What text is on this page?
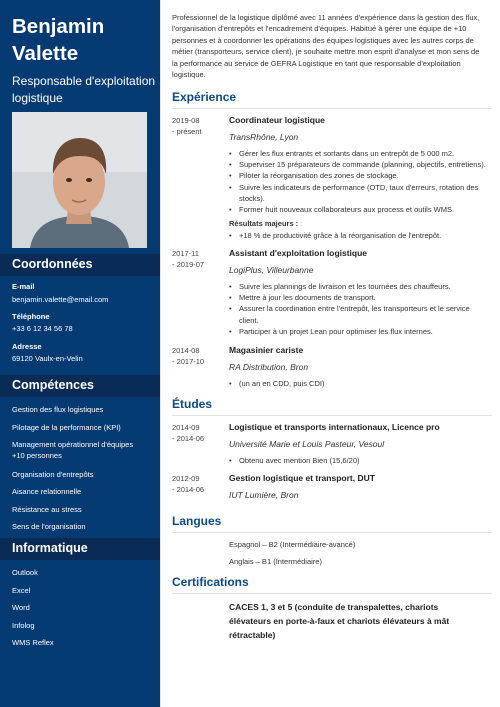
Benjamin
Valette
Responsable d'exploitation
logistique
Coordonnées
E-mail
benjamin.valette@email.com
Téléphone
+33 6 12 34 56 78
Adresse
69120 Vaulx-en-Velin
Compétences
Gestion des flux logistiques
Pilotage de la performance (KPI)
Management opérationnel d'équipes
+10 personnes
Organisation d'entrepôts
Aisance relationnelle
Résistance au stress
Sens de l'organisation
Informatique
Outlook
Excel
Word
Infolog
WMS Reflex
Professionnel de la logistique diplômé avec 11 années d'expérience dans la gestion des flux,
l'organisation d'entrepôts et l'encadrement d'équipes. Habitué à gérer une équipe de +10
personnes et à coordonner les opérations des équipes logistiques avec les autres corps de
métier (transporteurs, service client), je souhaite mettre mon esprit d'analyse et mon sens de
la performance au service de GEFRA Logistique en tant que responsable d'exploitation
logistique.
Expérience
2019-08
- présent
Coordinateur logistique
TransRhône, Lyon
• Gérer les flux entrants et sortants dans un entrepôt de 5 000 m2.
• Superviser 15 préparateurs de commande (planning, objectifs, entretiens).
• Piloter la réorganisation des zones de stockage.
• Suivre les indicateurs de performance (OTD, taux d'erreurs, rotation des
stocks).
• Former huit nouveaux collaborateurs aux process et outils WMS.
Résultats majeurs :
• +18 % de productivité grâce à la réorganisation de l'entrepôt.
2017-11
- 2019-07
Assistant d'exploitation logistique
LogiPlus, Villeurbanne
• Suivre les plannings de livraison et les tournées des chauffeurs.
• Mettre à jour les documents de transport.
• Assurer la coordination entre l'entrepôt, les transporteurs et le service
client.
• Participer à un projet Lean pour optimiser les flux internes.
2014-08
- 2017-10
Magasinier cariste
RA Distribution, Bron
• (un an en CDD, puis CDI)
Études
2014-09
- 2014-06
Logistique et transports internationaux, Licence pro
Université Marie et Louis Pasteur, Vesoul
• Obtenu avec mention Bien (15,6/20)
2012-09
- 2014-06
Gestion logistique et transport, DUT
IUT Lumière, Bron
Langues
Espagnol – B2 (Intermédiaire-avancé)
Anglais – B1 (Intermédiaire)
Certifications
CACES 1, 3 et 5 (conduite de transpalettes, chariots
élévateurs en porte-à-faux et chariots élévateurs à mât
rétractable)
